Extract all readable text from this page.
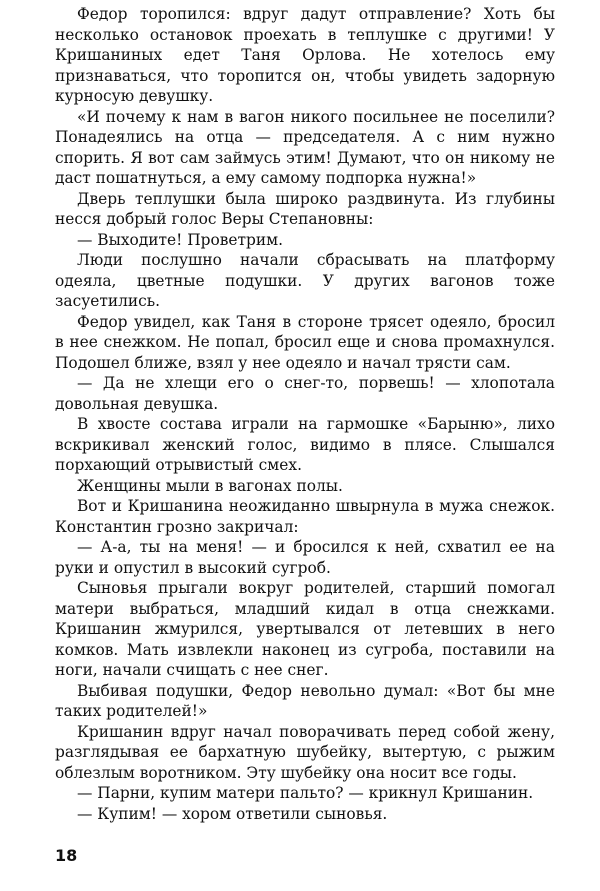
Федор торопился: вдруг дадут отправление? Хоть бы несколько остановок проехать в теплушке с другими! У Кришаниных едет Таня Орлова. Не хотелось ему признаваться, что торопится он, чтобы увидеть задорную курносую девушку.

«И почему к нам в вагон никого посильнее не поселили? Понадеялись на отца — председателя. А с ним нужно спорить. Я вот сам займусь этим! Думают, что он никому не даст пошатнуться, а ему самому подпорка нужна!»

Дверь теплушки была широко раздвинута. Из глубины несся добрый голос Веры Степановны:

— Выходите! Проветрим.

Люди послушно начали сбрасывать на платформу одеяла, цветные подушки. У других вагонов тоже засуетились.

Федор увидел, как Таня в стороне трясет одеяло, бросил в нее снежком. Не попал, бросил еще и снова промахнулся. Подошел ближе, взял у нее одеяло и начал трясти сам.

— Да не хлещи его о снег-то, порвешь! — хлопотала довольная девушка.

В хвосте состава играли на гармошке «Барыню», лихо вскрикивал женский голос, видимо в плясе. Слышался порхающий отрывистый смех.

Женщины мыли в вагонах полы.

Вот и Кришанина неожиданно швырнула в мужа снежок. Константин грозно закричал:

— А-а, ты на меня! — и бросился к ней, схватил ее на руки и опустил в высокий сугроб.

Сыновья прыгали вокруг родителей, старший помогал матери выбраться, младший кидал в отца снежками. Кришанин жмурился, увертывался от летевших в него комков. Мать извлекли наконец из сугроба, поставили на ноги, начали счищать с нее снег.

Выбивая подушки, Федор невольно думал: «Вот бы мне таких родителей!»

Кришанин вдруг начал поворачивать перед собой жену, разглядывая ее бархатную шубейку, вытертую, с рыжим облезлым воротником. Эту шубейку она носит все годы.

— Парни, купим матери пальто? — крикнул Кришанин.

— Купим! — хором ответили сыновья.

18
